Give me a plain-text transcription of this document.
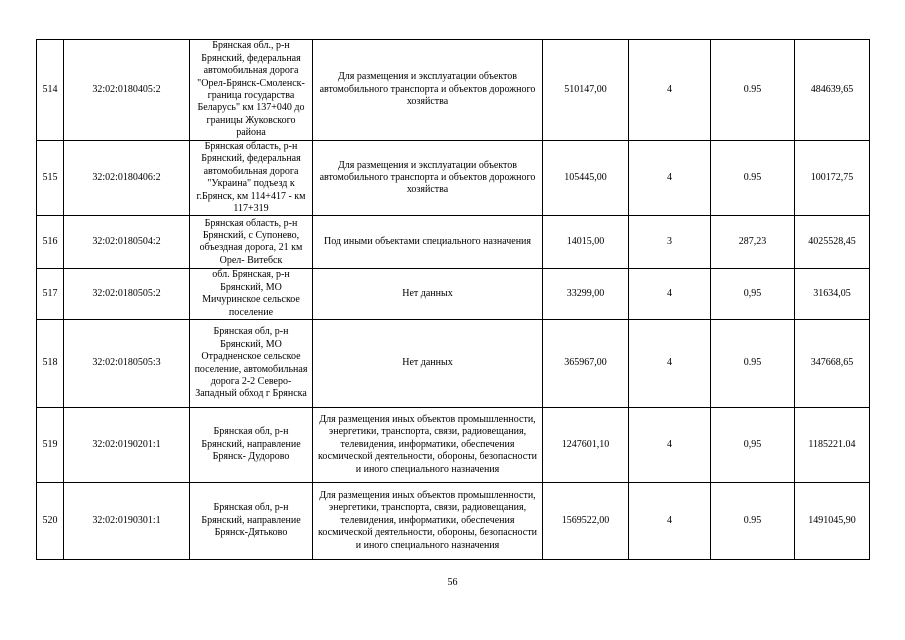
514	32:02:0180405:2	Брянская обл., р-н Брянский, федеральная автомобильная дорога "Орел-Брянск-Смоленск-граница государства Беларусь" км 137+040 до границы Жуковского района	Для размещения и эксплуатации объектов автомобильного транспорта и объектов дорожного хозяйства	510147,00	4	0.95	484639,65
515	32:02:0180406:2	Брянская область, р-н Брянский, федеральная автомобильная дорога "Украина" подъезд к г.Брянск, км 114+417 - км 117+319	Для размещения и эксплуатации объектов автомобильного транспорта и объектов дорожного хозяйства	105445,00	4	0.95	100172,75
516	32:02:0180504:2	Брянская область, р-н Брянский, с Супонево, объездная дорога, 21 км Орел- Витебск	Под иными объектами специального назначения	14015,00	3	287,23	4025528,45
517	32:02:0180505:2	обл. Брянская, р-н Брянский, МО Мичуринское сельское поселение	Нет данных	33299,00	4	0,95	31634,05
518	32:02:0180505:3	Брянская обл, р-н Брянский, МО Отрадненское сельское поселение, автомобильная дорога 2-2 Северо-Западный обход г Брянска	Нет данных	365967,00	4	0.95	347668,65
519	32:02:0190201:1	Брянская обл, р-н Брянский, направление Брянск- Дудорово	Для размещения иных объектов промышленности, энергетики, транспорта, связи, радиовещания, телевидения, информатики, обеспечения космической деятельности, обороны, безопасности и иного специального назначения	1247601,10	4	0,95	1185221.04
520	32:02:0190301:1	Брянская обл, р-н Брянский, направление Брянск-Дятьково	Для размещения иных объектов промышленности, энергетики, транспорта, связи, радиовещания, телевидения, информатики, обеспечения космической деятельности, обороны, безопасности и иного специального назначения	1569522,00	4	0.95	1491045,90
56
